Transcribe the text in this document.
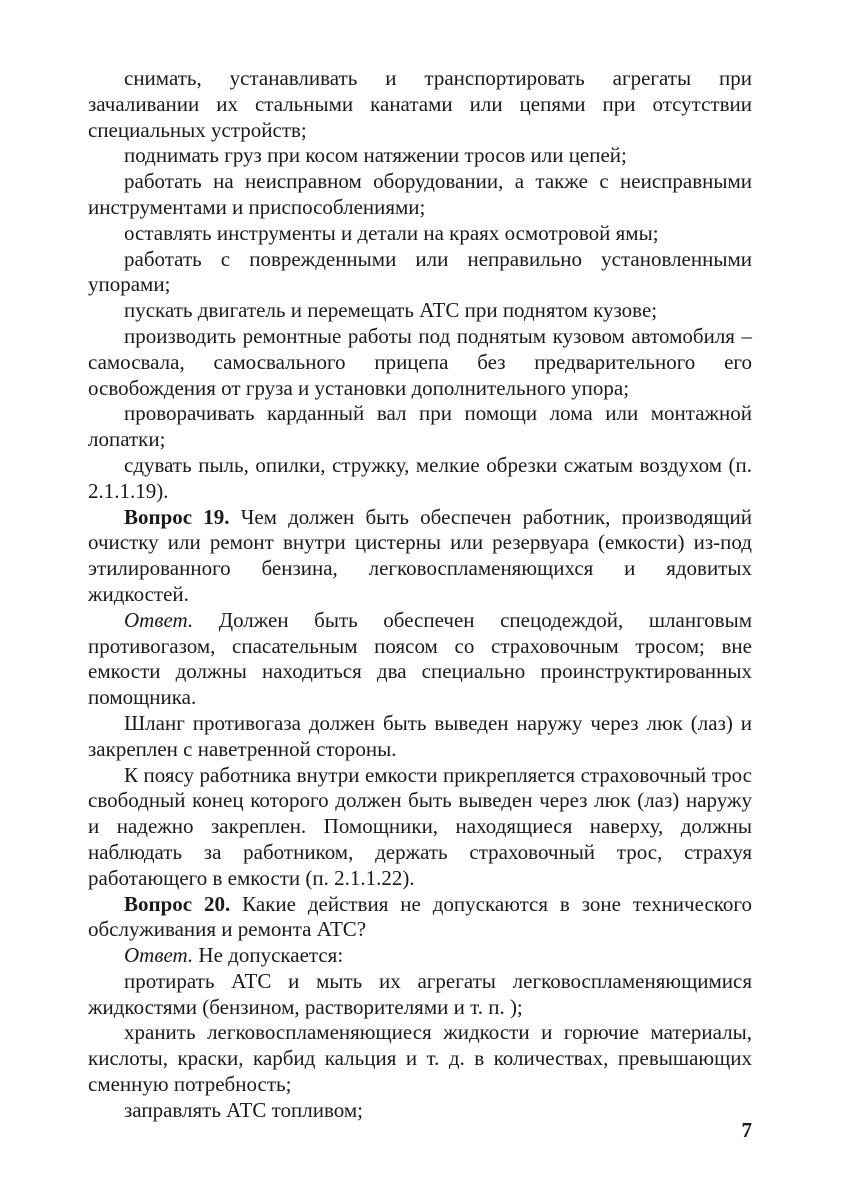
снимать, устанавливать и транспортировать агрегаты при зачаливании их стальными канатами или цепями при отсутствии специальных устройств;

поднимать груз при косом натяжении тросов или цепей;

работать на неисправном оборудовании, а также с неисправными инструментами и приспособлениями;

оставлять инструменты и детали на краях осмотровой ямы;

работать с поврежденными или неправильно установленными упорами;

пускать двигатель и перемещать АТС при поднятом кузове;

производить ремонтные работы под поднятым кузовом автомобиля – самосвала, самосвального прицепа без предварительного его освобождения от груза и установки дополнительного упора;

проворачивать карданный вал при помощи лома или монтажной лопатки;

сдувать пыль, опилки, стружку, мелкие обрезки сжатым воздухом (п. 2.1.1.19).

Вопрос 19. Чем должен быть обеспечен работник, производящий очистку или ремонт внутри цистерны или резервуара (емкости) из-под этилированного бензина, легковоспламеняющихся и ядовитых жидкостей.

Ответ. Должен быть обеспечен спецодеждой, шланговым противогазом, спасательным поясом со страховочным тросом; вне емкости должны находиться два специально проинструктированных помощника.

Шланг противогаза должен быть выведен наружу через люк (лаз) и закреплен с наветренной стороны.

К поясу работника внутри емкости прикрепляется страховочный трос свободный конец которого должен быть выведен через люк (лаз) наружу и надежно закреплен. Помощники, находящиеся наверху, должны наблюдать за работником, держать страховочный трос, страхуя работающего в емкости (п. 2.1.1.22).

Вопрос 20. Какие действия не допускаются в зоне технического обслуживания и ремонта АТС?

Ответ. Не допускается:

протирать АТС и мыть их агрегаты легковоспламеняющимися жидкостями (бензином, растворителями и т. п. );

хранить легковоспламеняющиеся жидкости и горючие материалы, кислоты, краски, карбид кальция и т. д. в количествах, превышающих сменную потребность;

заправлять АТС топливом;

7
